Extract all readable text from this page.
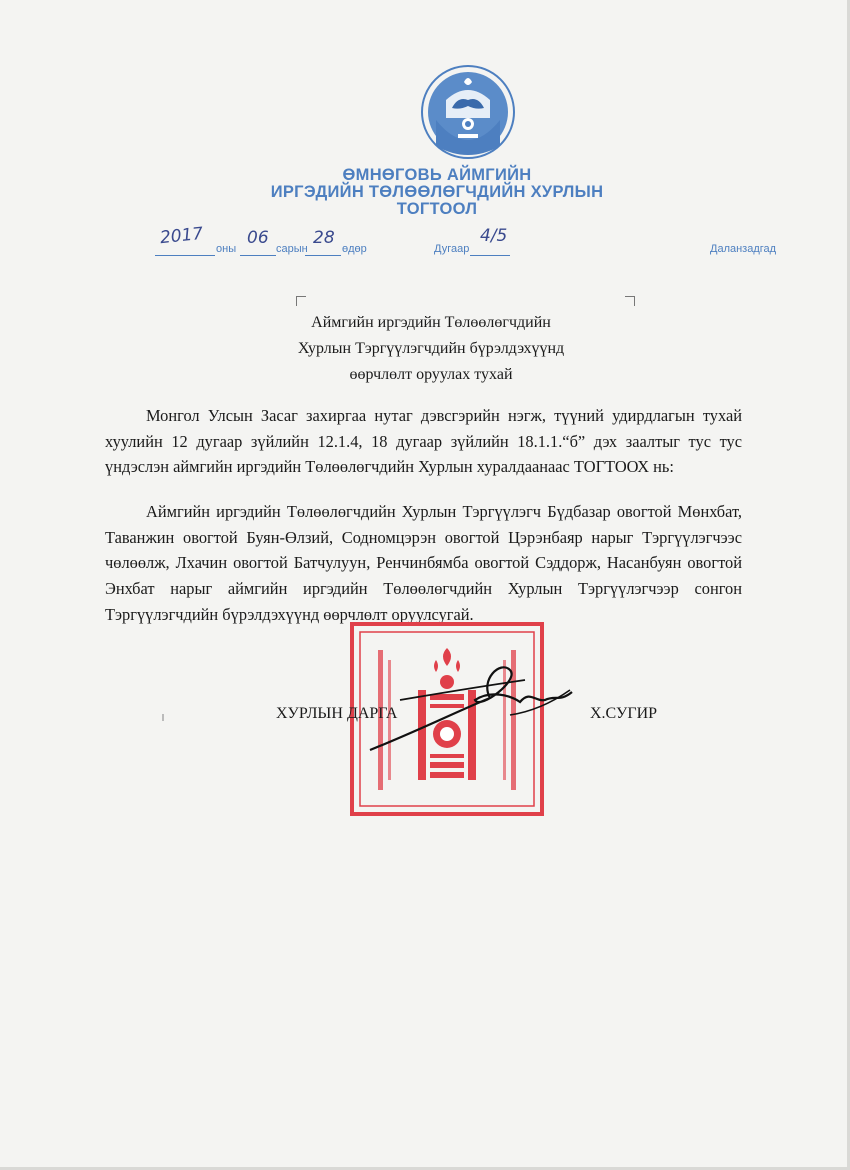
ӨМНӨГОВЬ АЙМГИЙН
ИРГЭДИЙН ТӨЛӨӨЛӨГЧДИЙН ХУРЛЫН
ТОГТООЛ
2017
оны
06
сарын
28
өдөр	Дугаар
4/5
Даланзадгад
Аймгийн иргэдийн Төлөөлөгчдийн
Хурлын Тэргүүлэгчдийн бүрэлдэхүүнд
өөрчлөлт оруулах тухай

Монгол Улсын Засаг захиргаа нутаг дэвсгэрийн нэгж, түүний удирдлагын тухай хуулийн 12 дугаар зүйлийн 12.1.4, 18 дугаар зүйлийн 18.1.1.“б” дэх заалтыг тус тус үндэслэн аймгийн иргэдийн Төлөөлөгчдийн Хурлын хуралдаанаас ТОГТООХ нь:

Аймгийн иргэдийн Төлөөлөгчдийн Хурлын Тэргүүлэгч Бүдбазар овогтой Мөнхбат, Таванжин овогтой Буян-Өлзий, Содномцэрэн овогтой Цэрэнбаяр нарыг Тэргүүлэгчээс чөлөөлж, Лхачин овогтой Батчулуун, Ренчинбямба овогтой Сэддорж, Насанбуян овогтой Энхбат нарыг аймгийн иргэдийн Төлөөлөгчдийн Хурлын Тэргүүлэгчээр сонгон Тэргүүлэгчдийн бүрэлдэхүүнд өөрчлөлт оруулсугай.

ХУРЛЫН ДАРГА	Х.СУГИР
